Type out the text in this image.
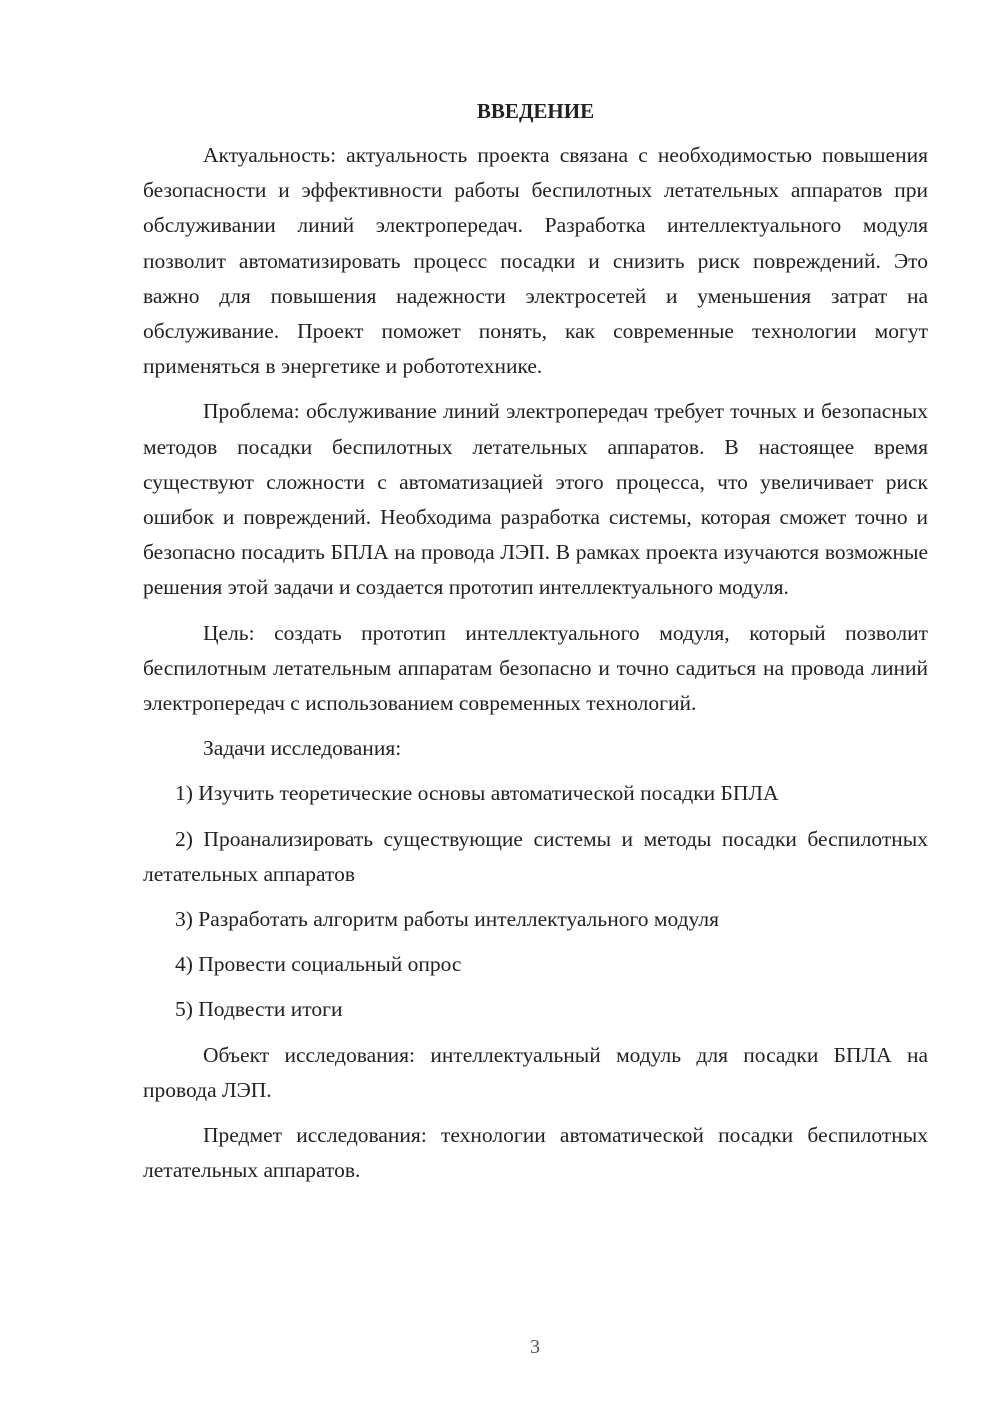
ВВЕДЕНИЕ

Актуальность: актуальность проекта связана с необходимостью повышения безопасности и эффективности работы беспилотных летательных аппаратов при обслуживании линий электропередач. Разработка интеллектуального модуля позволит автоматизировать процесс посадки и снизить риск повреждений. Это важно для повышения надежности электросетей и уменьшения затрат на обслуживание. Проект поможет понять, как современные технологии могут применяться в энергетике и робототехнике.

Проблема: обслуживание линий электропередач требует точных и безопасных методов посадки беспилотных летательных аппаратов. В настоящее время существуют сложности с автоматизацией этого процесса, что увеличивает риск ошибок и повреждений. Необходима разработка системы, которая сможет точно и безопасно посадить БПЛА на провода ЛЭП. В рамках проекта изучаются возможные решения этой задачи и создается прототип интеллектуального модуля.

Цель: создать прототип интеллектуального модуля, который позволит беспилотным летательным аппаратам безопасно и точно садиться на провода линий электропередач с использованием современных технологий.

Задачи исследования:

1) Изучить теоретические основы автоматической посадки БПЛА

2) Проанализировать существующие системы и методы посадки беспилотных летательных аппаратов

3) Разработать алгоритм работы интеллектуального модуля

4) Провести социальный опрос

5) Подвести итоги

Объект исследования: интеллектуальный модуль для посадки БПЛА на провода ЛЭП.

Предмет исследования: технологии автоматической посадки беспилотных летательных аппаратов.

3
